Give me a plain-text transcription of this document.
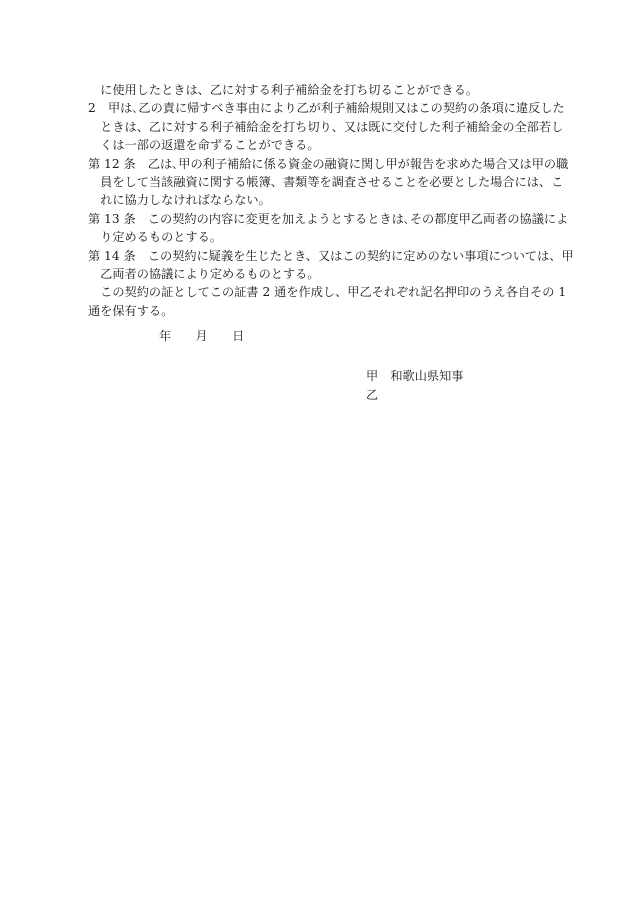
　に使用したときは、乙に対する利子補給金を打ち切ることができる。
2　甲は､乙の責に帰すべき事由により乙が利子補給規則又はこの契約の条項に違反した
　ときは、乙に対する利子補給金を打ち切り、又は既に交付した利子補給金の全部若し
　くは一部の返還を命ずることができる。
第 12 条　乙は､甲の利子補給に係る資金の融資に関し甲が報告を求めた場合又は甲の職
　員をして当該融資に関する帳簿、書類等を調査させることを必要とした場合には、こ
　れに協力しなければならない。
第 13 条　この契約の内容に変更を加えようとするときは､その都度甲乙両者の協議によ
　り定めるものとする。
第 14 条　この契約に疑義を生じたとき、又はこの契約に定めのない事項については、甲
　乙両者の協議により定めるものとする。
　この契約の証としてこの証書 2 通を作成し、甲乙それぞれ記名押印のうえ各自その 1
通を保有する。
年　　月　　日
甲　和歌山県知事
乙
